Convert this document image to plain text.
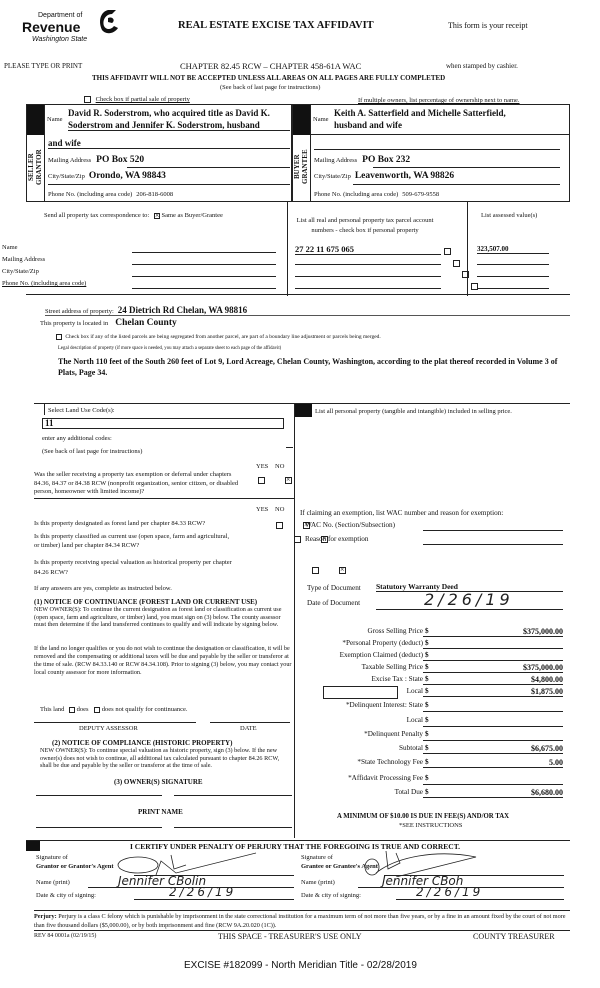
Department of
Revenue
Washington State
REAL ESTATE EXCISE TAX AFFIDAVIT	This form is your receipt
PLEASE TYPE OR PRINT	CHAPTER 82.45 RCW – CHAPTER 458-61A WAC	when stamped by cashier.
THIS AFFIDAVIT WILL NOT BE ACCEPTED UNLESS ALL AREAS ON ALL PAGES ARE FULLY COMPLETED
(See back of last page for instructions)
Check box if partial sale of property	If multiple owners, list percentage of ownership next to name.
SELLER
GRANTOR
Name
David R. Soderstrom, who acquired title as David K.
Soderstrom and Jennifer K. Soderstrom, husband
and wife
Mailing Address PO Box 520
City/State/Zip Orondo, WA 98843
Phone No. (including area code) 206-818-6008
BUYER
GRANTEE
Name
Keith A. Satterfield and Michelle Satterfield,
husband and wife
Mailing Address PO Box 232
City/State/Zip Leavenworth, WA 98826
Phone No. (including area code) 509-679-9558
Send all property tax correspondence to: × Same as Buyer/Grantee
Name
Mailing Address
City/State/Zip
Phone No. (including area code)
List all real and personal property tax parcel account
numbers - check box if personal property
List assessed value(s)
27 22 11 675 065
	323,507.00

Street address of property: 24 Dietrich Rd Chelan, WA 98816
This property is located in Chelan County
Check box if any of the listed parcels are being segregated from another parcel, are part of a boundary line adjustment or parcels being merged.
Legal description of property (if more space is needed, you may attach a separate sheet to each page of the affidavit)
The North 110 feet of the South 260 feet of Lot 9, Lord Acreage, Chelan County, Washington, according to the plat thereof recorded in Volume 3 of Plats, Page 34.
Select Land Use Code(s):
11
enter any additional codes:
(See back of last page for instructions)
YES NO
Was the seller receiving a property tax exemption or deferral under chapters 84.36, 84.37 or 84.38 RCW (nonprofit organization, senior citizen, or disabled person, homeowner with limited income)?
×
YES NO
Is this property designated as forest land per chapter 84.33 RCW?
×
Is this property classified as current use (open space, farm and agricultural, or timber) land per chapter 84.34 RCW?
×
Is this property receiving special valuation as historical property per chapter 84.26 RCW?
×
If any answers are yes, complete as instructed below.
(1) NOTICE OF CONTINUANCE (FOREST LAND OR CURRENT USE)
NEW OWNER(S): To continue the current designation as forest land or classification as current use (open space, farm and agriculture, or timber) land, you must sign on (3) below. The county assessor must then determine if the land transferred continues to qualify and will indicate by signing below.
If the land no longer qualifies or you do not wish to continue the designation or classification, it will be removed and the compensating or additional taxes will be due and payable by the seller or transferor at the time of sale. (RCW 84.33.140 or RCW 84.34.108). Prior to signing (3) below, you may contact your local county assessor for more information.
This land does does not qualify for continuance.
DEPUTY ASSESSOR	DATE
(2) NOTICE OF COMPLIANCE (HISTORIC PROPERTY)
NEW OWNER(S): To continue special valuation as historic property, sign (3) below. If the new owner(s) does not wish to continue, all additional tax calculated pursuant to chapter 84.26 RCW, shall be due and payable by the seller or transferor at the time of sale.
(3) OWNER(S) SIGNATURE
PRINT NAME
List all personal property (tangible and intangible) included in selling price.
If claiming an exemption, list WAC number and reason for exemption:
WAC No. (Section/Subsection)
Reason for exemption
Type of Document Statutory Warranty Deed
Date of Document	2/26/19
Gross Selling Price $	$375,000.00
*Personal Property (deduct) $
Exemption Claimed (deduct) $
Taxable Selling Price $	$375,000.00
Excise Tax : State $	$4,800.00
Local $	$1,875.00
*Delinquent Interest: State $
Local $
*Delinquent Penalty $
Subtotal $	$6,675.00
*State Technology Fee $	5.00
*Affidavit Processing Fee $
Total Due $	$6,680.00
A MINIMUM OF $10.00 IS DUE IN FEE(S) AND/OR TAX
*SEE INSTRUCTIONS
I CERTIFY UNDER PENALTY OF PERJURY THAT THE FOREGOING IS TRUE AND CORRECT.
Signature of
Grantor or Grantor's Agent
Name (print)	Jennifer CBolin
Date & city of signing:	2/26/19
Signature of
Grantee or Grantee's Agent
Name (print)	Jennifer CBoh
Date & city of signing:	2/26/19
Perjury: Perjury is a class C felony which is punishable by imprisonment in the state correctional institution for a maximum term of not more than five years, or by a fine in an amount fixed by the court of not more than five thousand dollars ($5,000.00), or by both imprisonment and fine (RCW 9A.20.020 (1C)).
REV 84 0001a (02/19/15)	THIS SPACE - TREASURER'S USE ONLY	COUNTY TREASURER
EXCISE #182099 - North Meridian Title - 02/28/2019
